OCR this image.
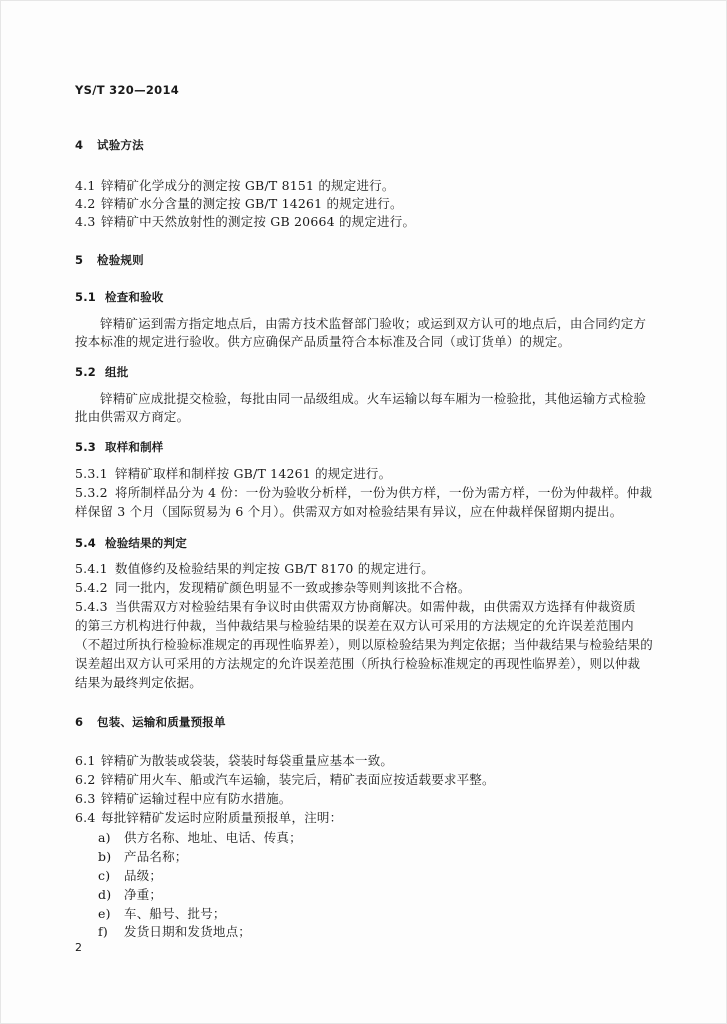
YS/T 320—2014
4 试验方法
4.1 锌精矿化学成分的测定按 GB/T 8151 的规定进行。
4.2 锌精矿水分含量的测定按 GB/T 14261 的规定进行。
4.3 锌精矿中天然放射性的测定按 GB 20664 的规定进行。
5 检验规则
5.1 检查和验收
锌精矿运到需方指定地点后，由需方技术监督部门验收；或运到双方认可的地点后，由合同约定方
按本标准的规定进行验收。供方应确保产品质量符合本标准及合同（或订货单）的规定。
5.2 组批
锌精矿应成批提交检验，每批由同一品级组成。火车运输以每车厢为一检验批，其他运输方式检验
批由供需双方商定。
5.3 取样和制样
5.3.1 锌精矿取样和制样按 GB/T 14261 的规定进行。
5.3.2 将所制样品分为 4 份：一份为验收分析样，一份为供方样，一份为需方样，一份为仲裁样。仲裁
样保留 3 个月（国际贸易为 6 个月）。供需双方如对检验结果有异议，应在仲裁样保留期内提出。
5.4 检验结果的判定
5.4.1 数值修约及检验结果的判定按 GB/T 8170 的规定进行。
5.4.2 同一批内，发现精矿颜色明显不一致或掺杂等则判该批不合格。
5.4.3 当供需双方对检验结果有争议时由供需双方协商解决。如需仲裁，由供需双方选择有仲裁资质
的第三方机构进行仲裁，当仲裁结果与检验结果的误差在双方认可采用的方法规定的允许误差范围内
（不超过所执行检验标准规定的再现性临界差），则以原检验结果为判定依据；当仲裁结果与检验结果的
误差超出双方认可采用的方法规定的允许误差范围（所执行检验标准规定的再现性临界差），则以仲裁
结果为最终判定依据。
6 包装、运输和质量预报单
6.1 锌精矿为散装或袋装，袋装时每袋重量应基本一致。
6.2 锌精矿用火车、船或汽车运输，装完后，精矿表面应按适载要求平整。
6.3 锌精矿运输过程中应有防水措施。
6.4 每批锌精矿发运时应附质量预报单，注明：
a) 供方名称、地址、电话、传真；
b) 产品名称；
c) 品级；
d) 净重；
e) 车、船号、批号；
f) 发货日期和发货地点；
2
